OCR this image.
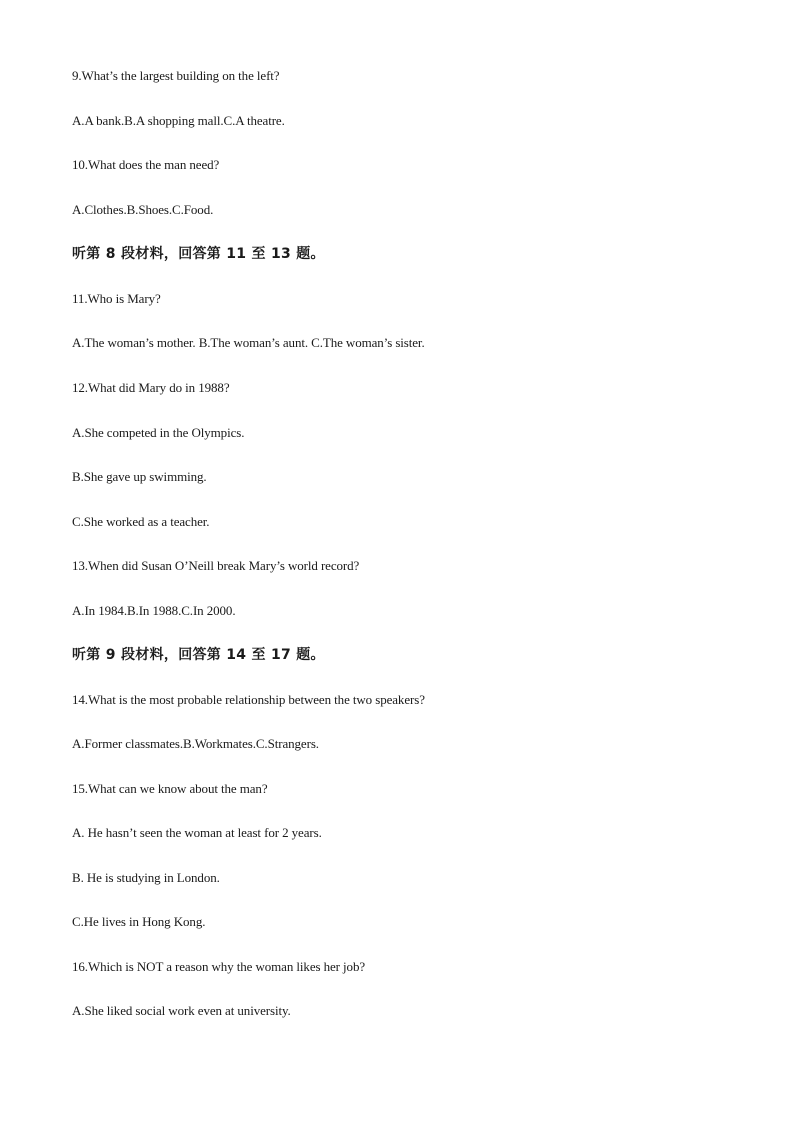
9.What’s the largest building on the left?
A.A bank.B.A shopping mall.C.A theatre.
10.What does the man need?
A.Clothes.B.Shoes.C.Food.
听第 8 段材料，回答第 11 至 13 题。
11.Who is Mary?
A.The woman’s mother. B.The woman’s aunt. C.The woman’s sister.
12.What did Mary do in 1988?
A.She competed in the Olympics.
B.She gave up swimming.
C.She worked as a teacher.
13.When did Susan O’Neill break Mary’s world record?
A.In 1984.B.In 1988.C.In 2000.
听第 9 段材料，回答第 14 至 17 题。
14.What is the most probable relationship between the two speakers?
A.Former classmates.B.Workmates.C.Strangers.
15.What can we know about the man?
A. He hasn’t seen the woman at least for 2 years.
B. He is studying in London.
C.He lives in Hong Kong.
16.Which is NOT a reason why the woman likes her job?
A.She liked social work even at university.
